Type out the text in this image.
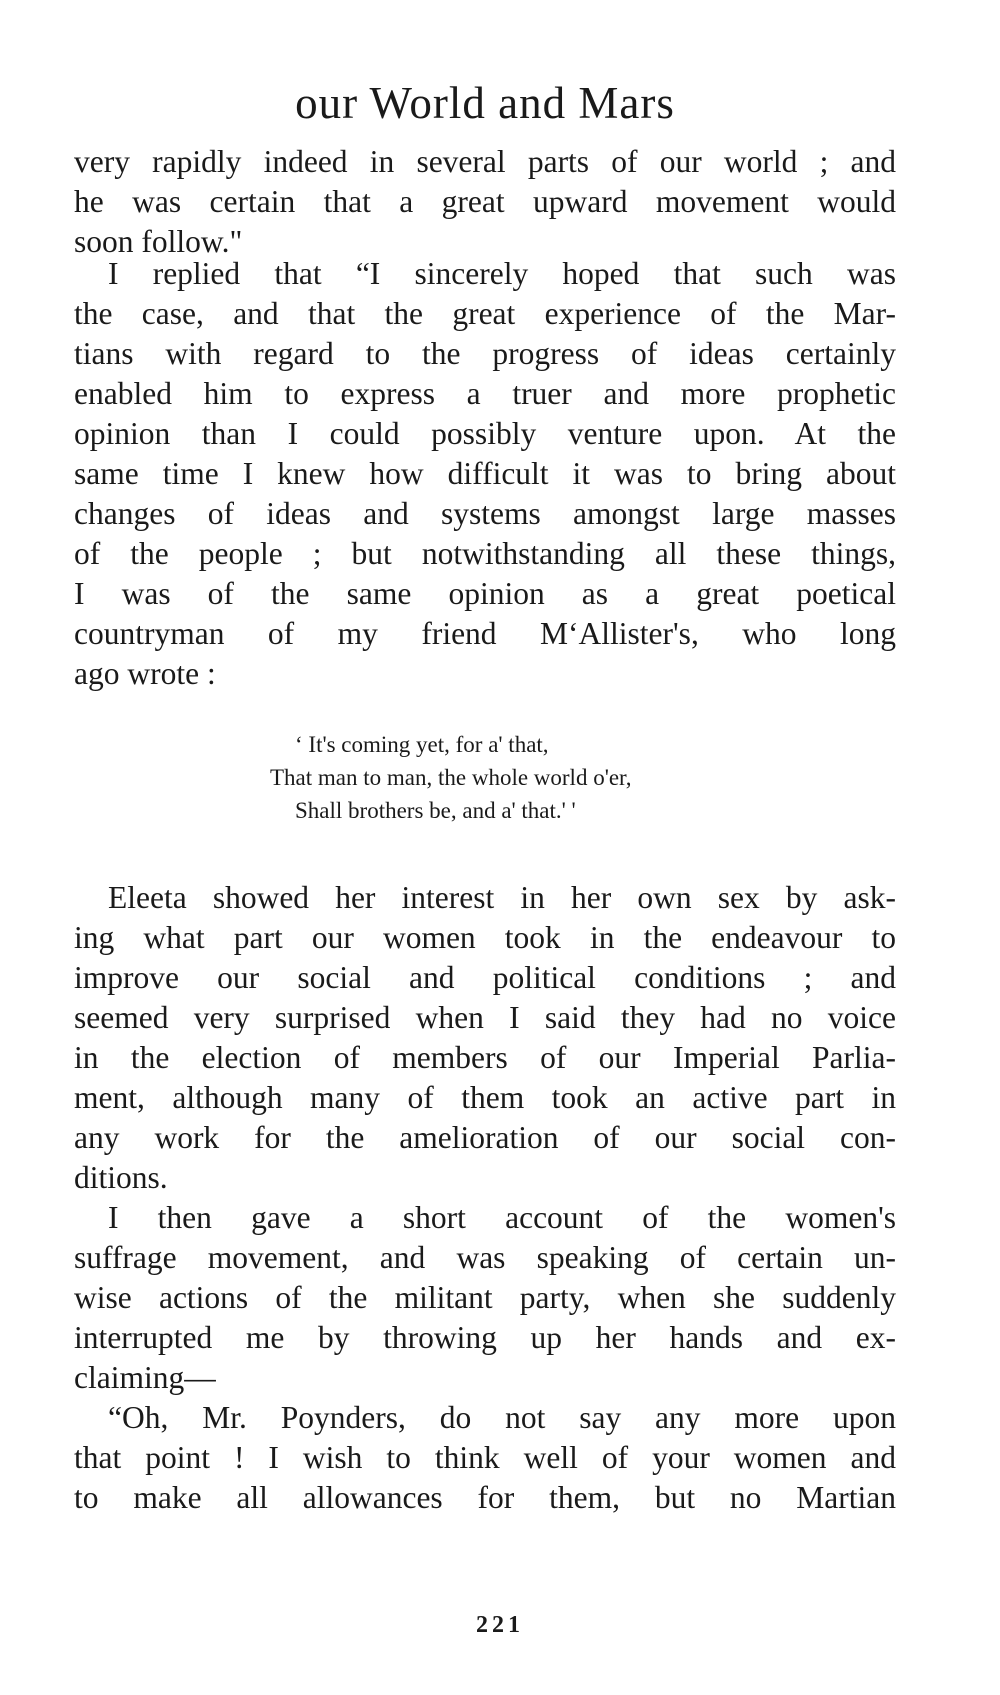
our World and Mars
very rapidly indeed in several parts of our world ; and
he was certain that a great upward movement would
soon follow."
I replied that “I sincerely hoped that such was
the case, and that the great experience of the Mar-
tians with regard to the progress of ideas certainly
enabled him to express a truer and more prophetic
opinion than I could possibly venture upon. At the
same time I knew how difficult it was to bring about
changes of ideas and systems amongst large masses
of the people ; but notwithstanding all these things,
I was of the same opinion as a great poetical
countryman of my friend M‘Allister's, who long
ago wrote :
‘ It's coming yet, for a' that,
That man to man, the whole world o'er,
Shall brothers be, and a' that.' '
Eleeta showed her interest in her own sex by ask-
ing what part our women took in the endeavour to
improve our social and political conditions ; and
seemed very surprised when I said they had no voice
in the election of members of our Imperial Parlia-
ment, although many of them took an active part in
any work for the amelioration of our social con-
ditions.
I then gave a short account of the women's
suffrage movement, and was speaking of certain un-
wise actions of the militant party, when she suddenly
interrupted me by throwing up her hands and ex-
claiming—
“Oh, Mr. Poynders, do not say any more upon
that point ! I wish to think well of your women and
to make all allowances for them, but no Martian
221
